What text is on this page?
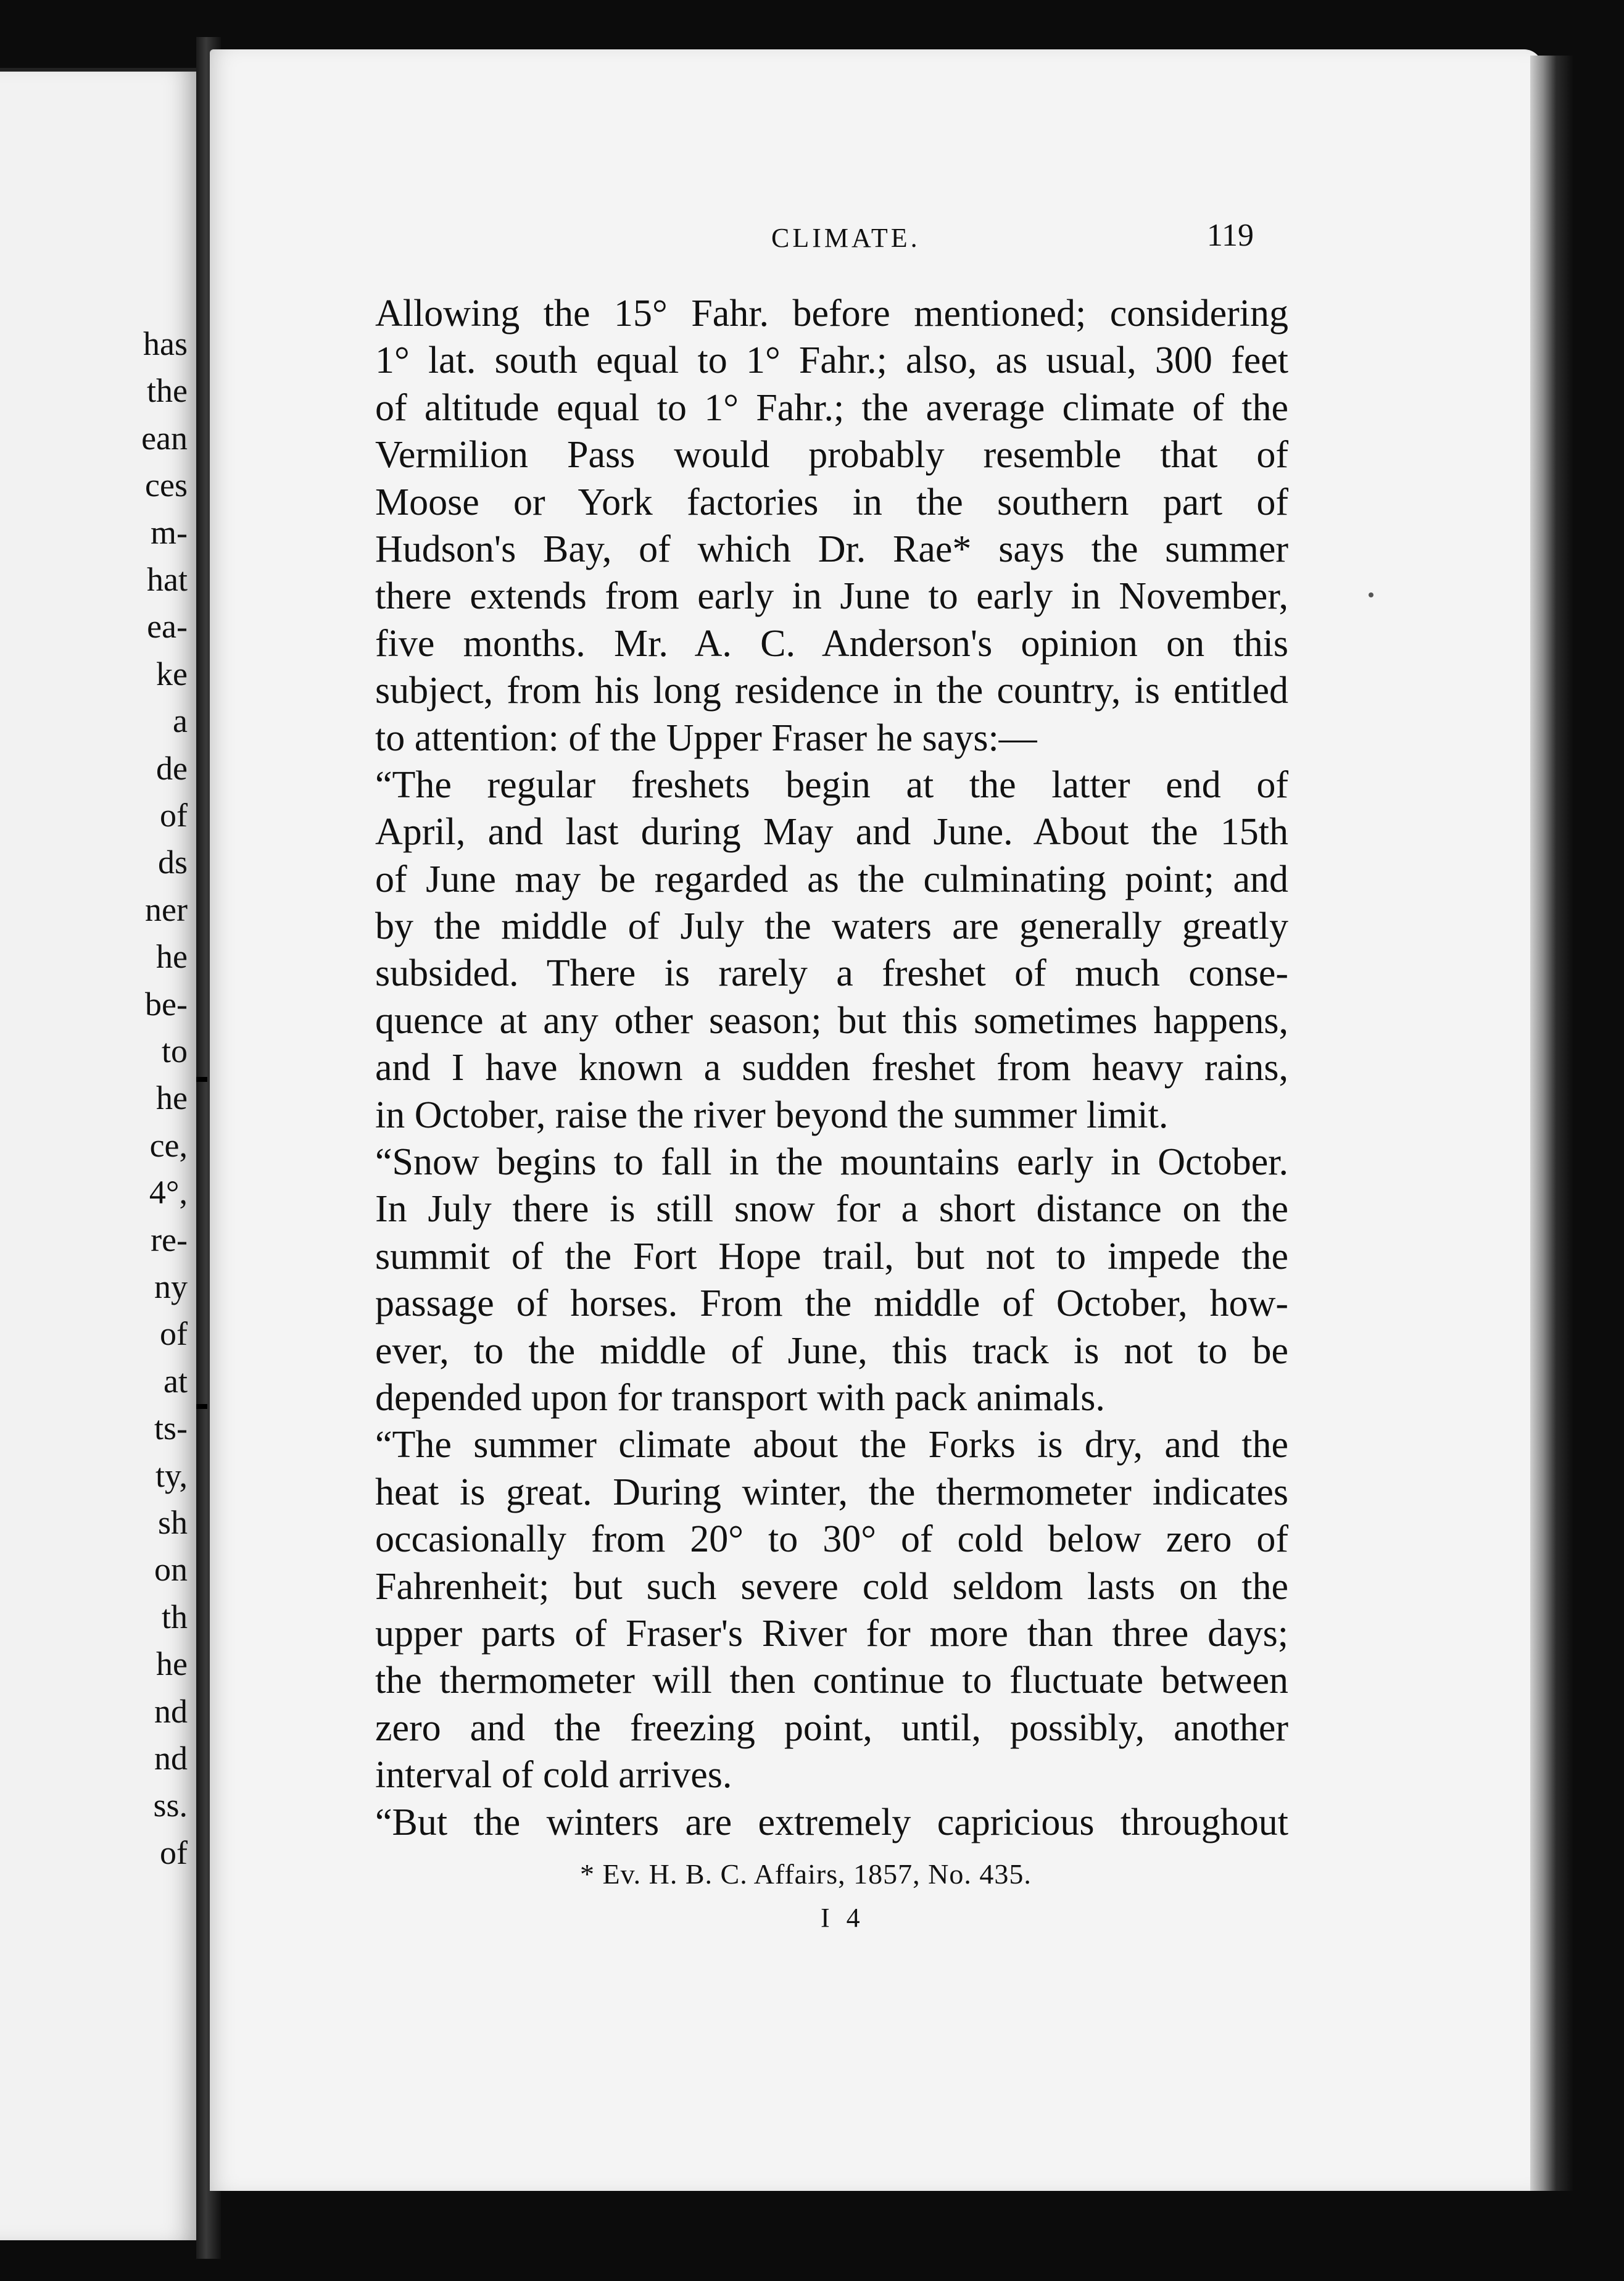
has
the
ean
ces
m-
hat
ea-
ke
a
de
of
ds
ner
he
be-
to
he
ce,
4°,
re-
ny
of
at
ts-
ty,
sh
on
th
he
nd
nd
ss.
of
CLIMATE.	119
Allowing the 15° Fahr. before mentioned; considering
1° lat. south equal to 1° Fahr.; also, as usual, 300 feet
of altitude equal to 1° Fahr.; the average climate of the
Vermilion Pass would probably resemble that of
Moose or York factories in the southern part of
Hudson's Bay, of which Dr. Rae* says the summer
there extends from early in June to early in November,
five months. Mr. A. C. Anderson's opinion on this
subject, from his long residence in the country, is entitled
to attention: of the Upper Fraser he says:—
“The regular freshets begin at the latter end of
April, and last during May and June. About the 15th
of June may be regarded as the culminating point; and
by the middle of July the waters are generally greatly
subsided. There is rarely a freshet of much conse-
quence at any other season; but this sometimes happens,
and I have known a sudden freshet from heavy rains,
in October, raise the river beyond the summer limit.
“Snow begins to fall in the mountains early in October.
In July there is still snow for a short distance on the
summit of the Fort Hope trail, but not to impede the
passage of horses. From the middle of October, how-
ever, to the middle of June, this track is not to be
depended upon for transport with pack animals.
“The summer climate about the Forks is dry, and the
heat is great. During winter, the thermometer indicates
occasionally from 20° to 30° of cold below zero of
Fahrenheit; but such severe cold seldom lasts on the
upper parts of Fraser's River for more than three days;
the thermometer will then continue to fluctuate between
zero and the freezing point, until, possibly, another
interval of cold arrives.
“But the winters are extremely capricious throughout
* Ev. H. B. C. Affairs, 1857, No. 435.
I 4
